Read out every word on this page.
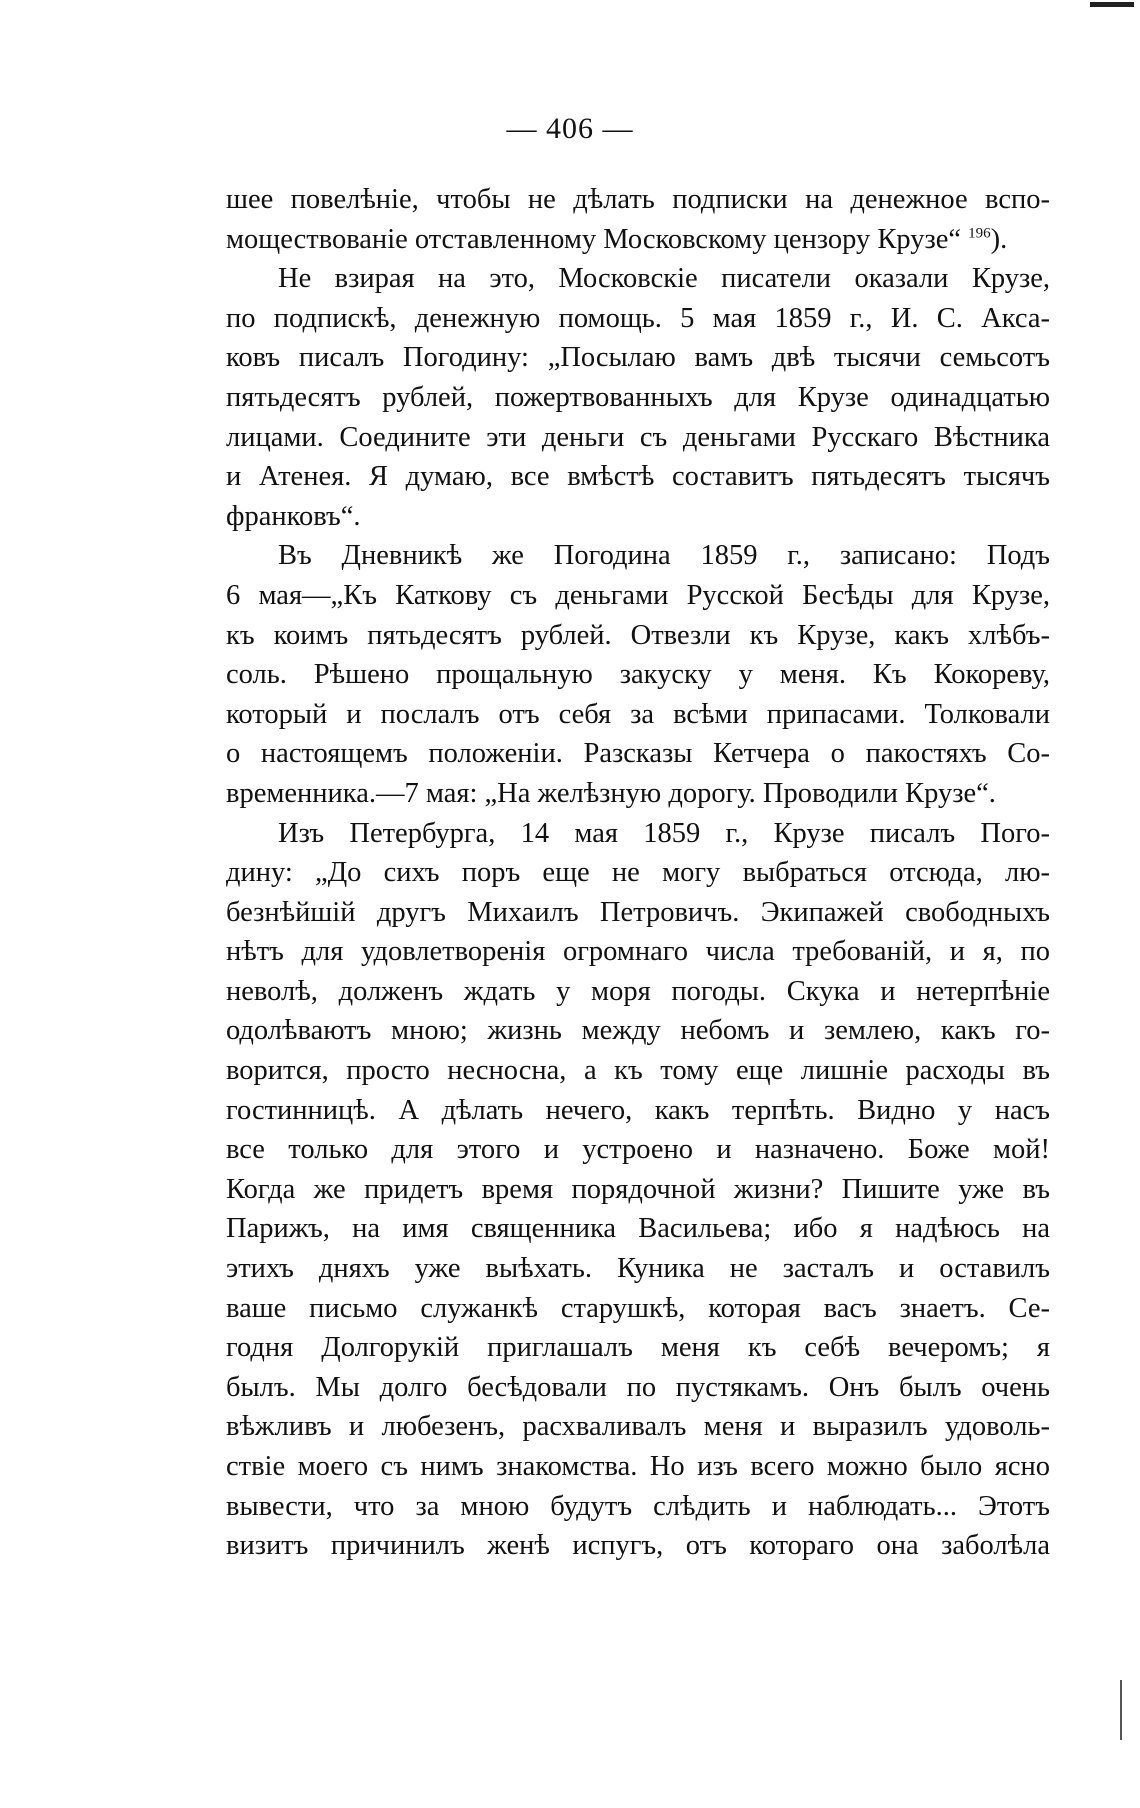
— 406 —
шее повелѣніе, чтобы не дѣлать подписки на денежное вспо-
моществованіе отставленному Московскому цензору Крузе“ $^{196}$).
Не взирая на это, Московскіе писатели оказали Крузе,
по подпискѣ, денежную помощь. 5 мая 1859 г., И. С. Акса-
ковъ писалъ Погодину: „Посылаю вамъ двѣ тысячи семьсотъ
пятьдесятъ рублей, пожертвованныхъ для Крузе одинадцатью
лицами. Соедините эти деньги съ деньгами Русскаго Вѣстника
и Атенея. Я думаю, все вмѣстѣ составитъ пятьдесятъ тысячъ
франковъ“.
Въ Дневникѣ же Погодина 1859 г., записано: Подъ
6 мая—„Къ Каткову съ деньгами Русской Бесѣды для Крузе,
къ коимъ пятьдесятъ рублей. Отвезли къ Крузе, какъ хлѣбъ-
соль. Рѣшено прощальную закуску у меня. Къ Кокореву,
который и послалъ отъ себя за всѣми припасами. Толковали
о настоящемъ положеніи. Разсказы Кетчера о пакостяхъ Со-
временника.—7 мая: „На желѣзную дорогу. Проводили Крузе“.
Изъ Петербурга, 14 мая 1859 г., Крузе писалъ Пого-
дину: „До сихъ поръ еще не могу выбраться отсюда, лю-
безнѣйшій другъ Михаилъ Петровичъ. Экипажей свободныхъ
нѣтъ для удовлетворенія огромнаго числа требованій, и я, по
неволѣ, долженъ ждать у моря погоды. Скука и нетерпѣніе
одолѣваютъ мною; жизнь между небомъ и землею, какъ го-
ворится, просто несносна, а къ тому еще лишніе расходы въ
гостинницѣ. А дѣлать нечего, какъ терпѣть. Видно у насъ
все только для этого и устроено и назначено. Боже мой!
Когда же придетъ время порядочной жизни? Пишите уже въ
Парижъ, на имя священника Васильева; ибо я надѣюсь на
этихъ дняхъ уже выѣхать. Куника не засталъ и оставилъ
ваше письмо служанкѣ старушкѣ, которая васъ знаетъ. Се-
годня Долгорукій приглашалъ меня къ себѣ вечеромъ; я
былъ. Мы долго бесѣдовали по пустякамъ. Онъ былъ очень
вѣжливъ и любезенъ, расхваливалъ меня и выразилъ удоволь-
ствіе моего съ нимъ знакомства. Но изъ всего можно было ясно
вывести, что за мною будутъ слѣдить и наблюдать... Этотъ
визитъ причинилъ женѣ испугъ, отъ котораго она заболѣла
